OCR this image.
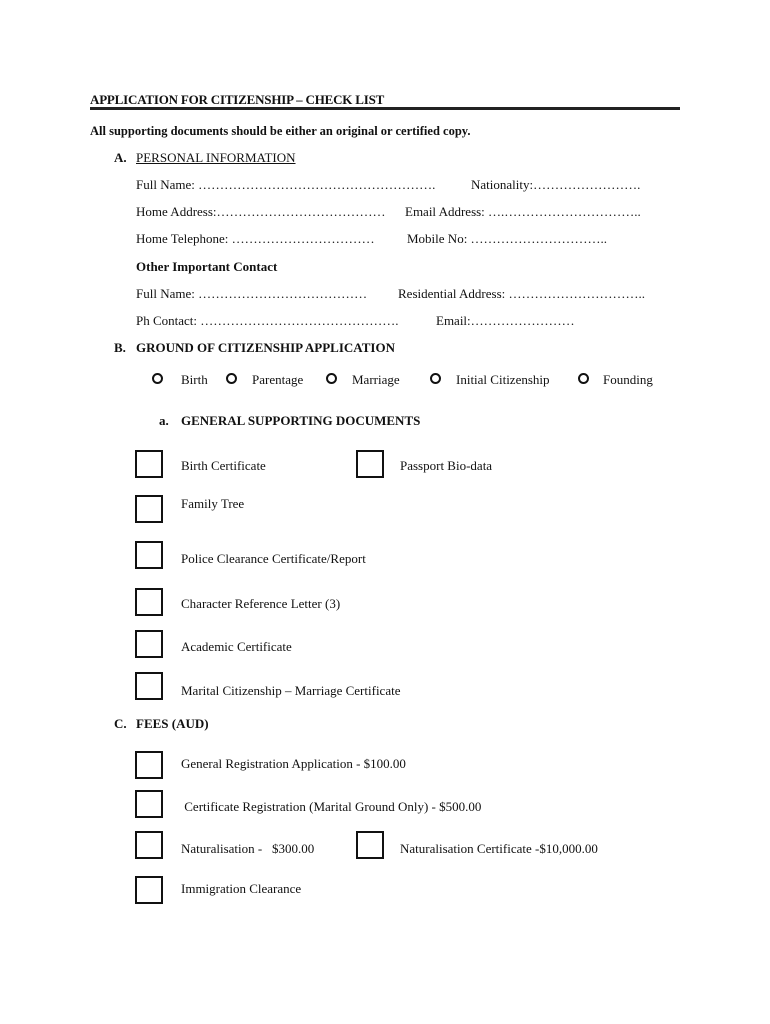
APPLICATION FOR CITIZENSHIP – CHECK LIST
All supporting documents should be either an original or certified copy.
A. PERSONAL INFORMATION
Full Name: ……………………………………………….	Nationality:…………………….
Home Address:………………………………… Email Address: ….…………………………..
Home Telephone: …………………………… Mobile No: …………………………..
Other Important Contact
Full Name: ………………………………… Residential Address: …………………………..
Ph Contact: ……………………………………….	Email:……………………
B. GROUND OF CITIZENSHIP APPLICATION
Birth	Parentage	Marriage	Initial Citizenship	Founding
a. GENERAL SUPPORTING DOCUMENTS
Birth Certificate	Passport Bio-data
Family Tree
Police Clearance Certificate/Report
Character Reference Letter (3)
Academic Certificate
Marital Citizenship – Marriage Certificate
C. FEES (AUD)
General Registration Application - $100.00
Certificate Registration (Marital Ground Only) - $500.00
Naturalisation -   $300.00	Naturalisation Certificate -$10,000.00
Immigration Clearance
